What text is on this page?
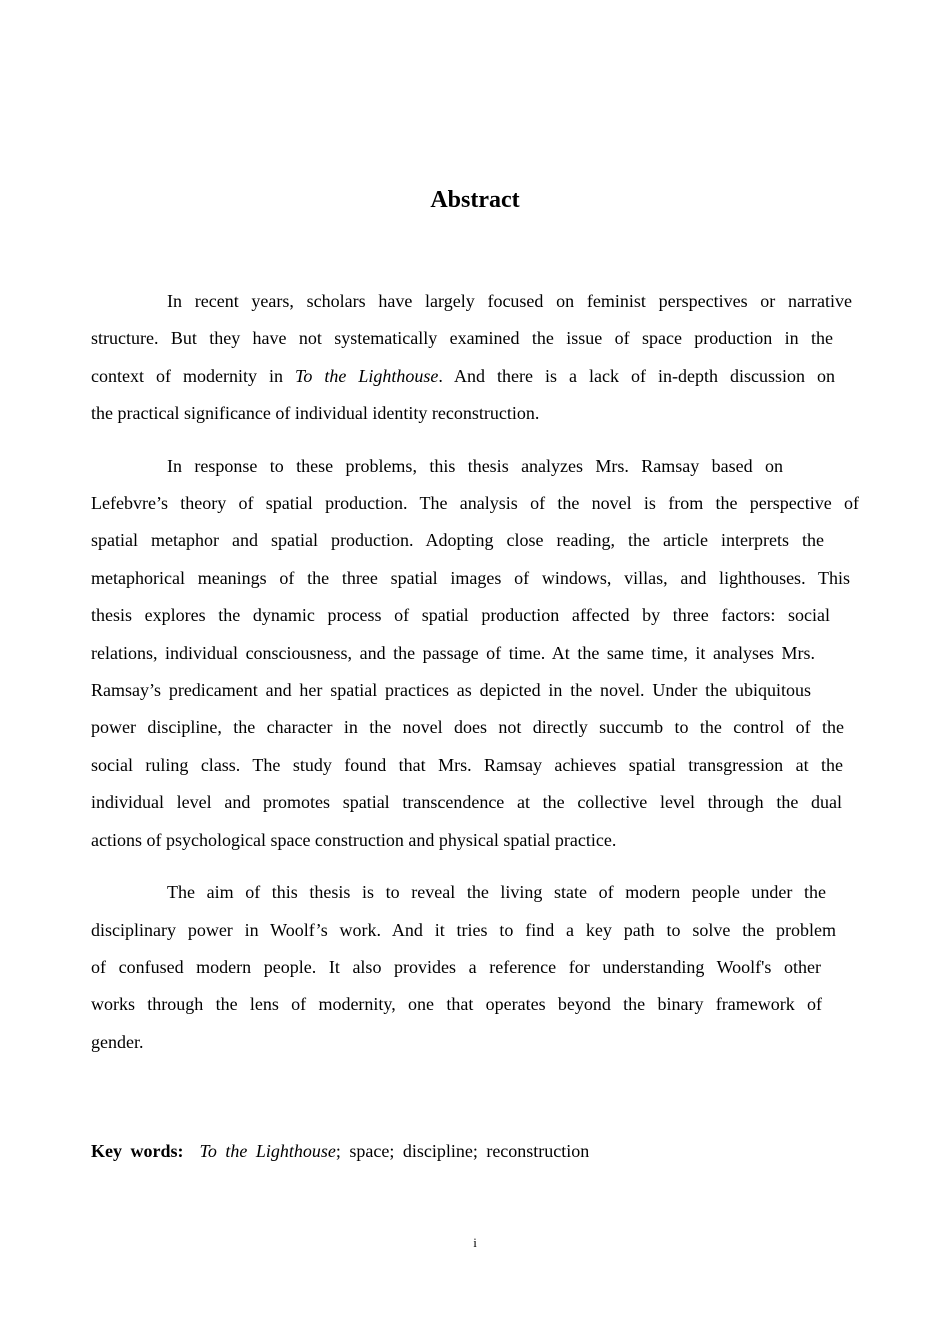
Abstract

In recent years, scholars have largely focused on feminist perspectives or narrative
structure. But they have not systematically examined the issue of space production in the
context of modernity in To the Lighthouse. And there is a lack of in-depth discussion on
the practical significance of individual identity reconstruction.

In response to these problems, this thesis analyzes Mrs. Ramsay based on
Lefebvre’s theory of spatial production. The analysis of the novel is from the perspective of
spatial metaphor and spatial production. Adopting close reading, the article interprets the
metaphorical meanings of the three spatial images of windows, villas, and lighthouses. This
thesis explores the dynamic process of spatial production affected by three factors: social
relations, individual consciousness, and the passage of time. At the same time, it analyses Mrs.
Ramsay’s predicament and her spatial practices as depicted in the novel. Under the ubiquitous
power discipline, the character in the novel does not directly succumb to the control of the
social ruling class. The study found that Mrs. Ramsay achieves spatial transgression at the
individual level and promotes spatial transcendence at the collective level through the dual
actions of psychological space construction and physical spatial practice.

The aim of this thesis is to reveal the living state of modern people under the
disciplinary power in Woolf’s work. And it tries to find a key path to solve the problem
of confused modern people. It also provides a reference for understanding Woolf's other
works through the lens of modernity, one that operates beyond the binary framework of
gender.

Key words: To the Lighthouse; space; discipline; reconstruction
i
